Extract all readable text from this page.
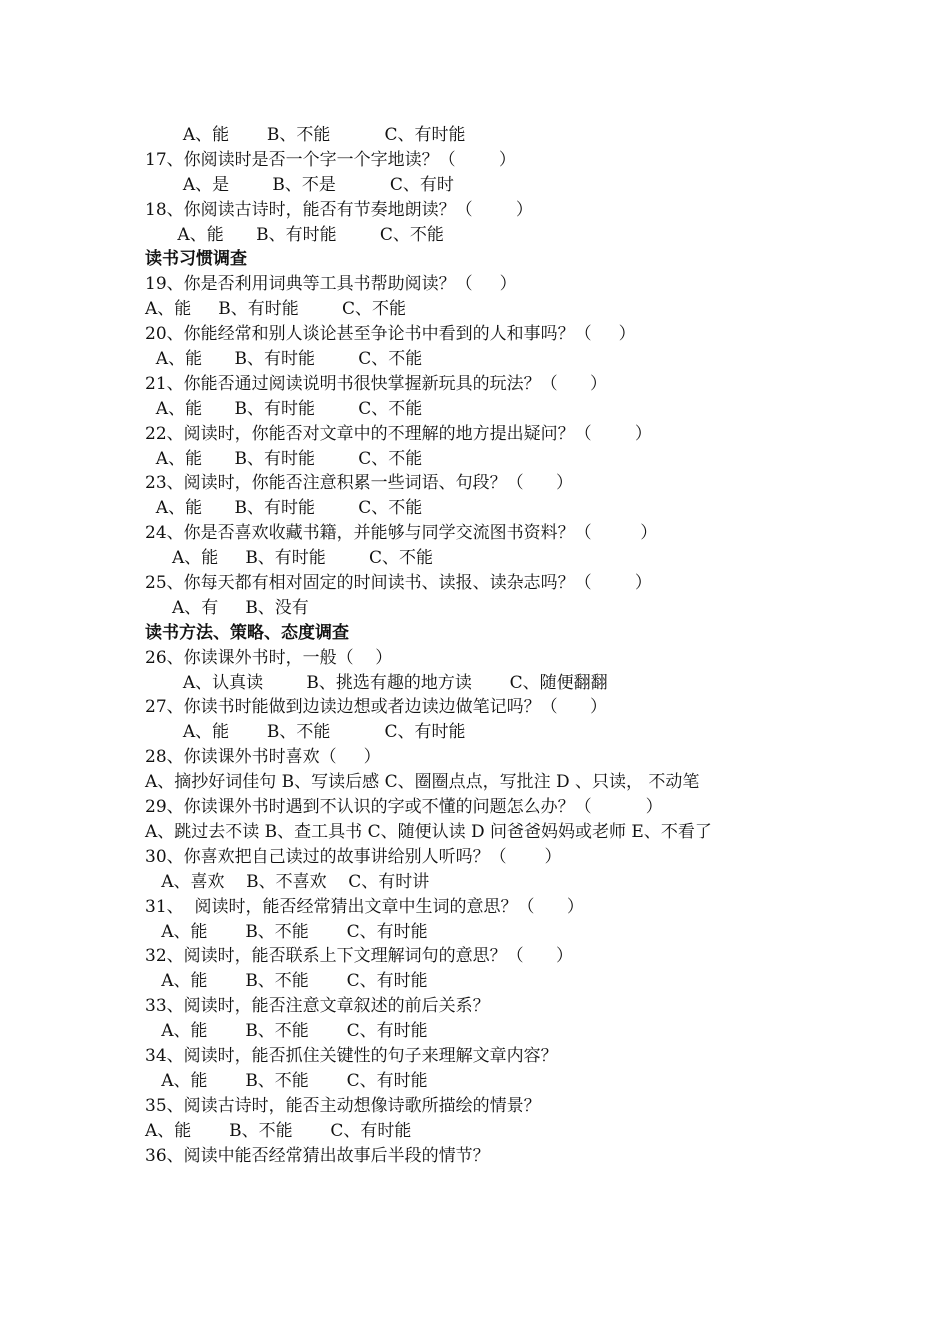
A、能       B、不能          C、有时能
17、你阅读时是否一个字一个字地读？（        ）
A、是        B、不是          C、有时
18、你阅读古诗时，能否有节奏地朗读？（        ）
A、能      B、有时能        C、不能
读书习惯调查
19、你是否利用词典等工具书帮助阅读？（     ）
A、能     B、有时能        C、不能
20、你能经常和别人谈论甚至争论书中看到的人和事吗？（     ）
A、能      B、有时能        C、不能
21、你能否通过阅读说明书很快掌握新玩具的玩法？（      ）
A、能      B、有时能        C、不能
22、阅读时，你能否对文章中的不理解的地方提出疑问？（        ）
A、能      B、有时能        C、不能
23、阅读时，你能否注意积累一些词语、句段？（      ）
A、能      B、有时能        C、不能
24、你是否喜欢收藏书籍，并能够与同学交流图书资料？（         ）
A、能     B、有时能        C、不能
25、你每天都有相对固定的时间读书、读报、读杂志吗？（        ）
A、有     B、没有
读书方法、策略、态度调查
26、你读课外书时，一般（    ）
A、认真读        B、挑选有趣的地方读       C、随便翻翻
27、你读书时能做到边读边想或者边读边做笔记吗？（      ）
A、能       B、不能          C、有时能
28、你读课外书时喜欢（     ）
A、摘抄好词佳句 B、写读后感 C、圈圈点点，写批注 D 、只读， 不动笔
29、你读课外书时遇到不认识的字或不懂的问题怎么办？（          ）
A、跳过去不读 B、查工具书 C、随便认读 D 问爸爸妈妈或老师 E、不看了
30、你喜欢把自己读过的故事讲给别人听吗？（       ）
A、喜欢    B、不喜欢    C、有时讲
31、  阅读时，能否经常猜出文章中生词的意思？（      ）
A、能       B、不能       C、有时能
32、阅读时，能否联系上下文理解词句的意思？（      ）
A、能       B、不能       C、有时能
33、阅读时，能否注意文章叙述的前后关系？
A、能       B、不能       C、有时能
34、阅读时，能否抓住关键性的句子来理解文章内容？
A、能       B、不能       C、有时能
35、阅读古诗时，能否主动想像诗歌所描绘的情景？
A、能       B、不能       C、有时能
36、阅读中能否经常猜出故事后半段的情节？
